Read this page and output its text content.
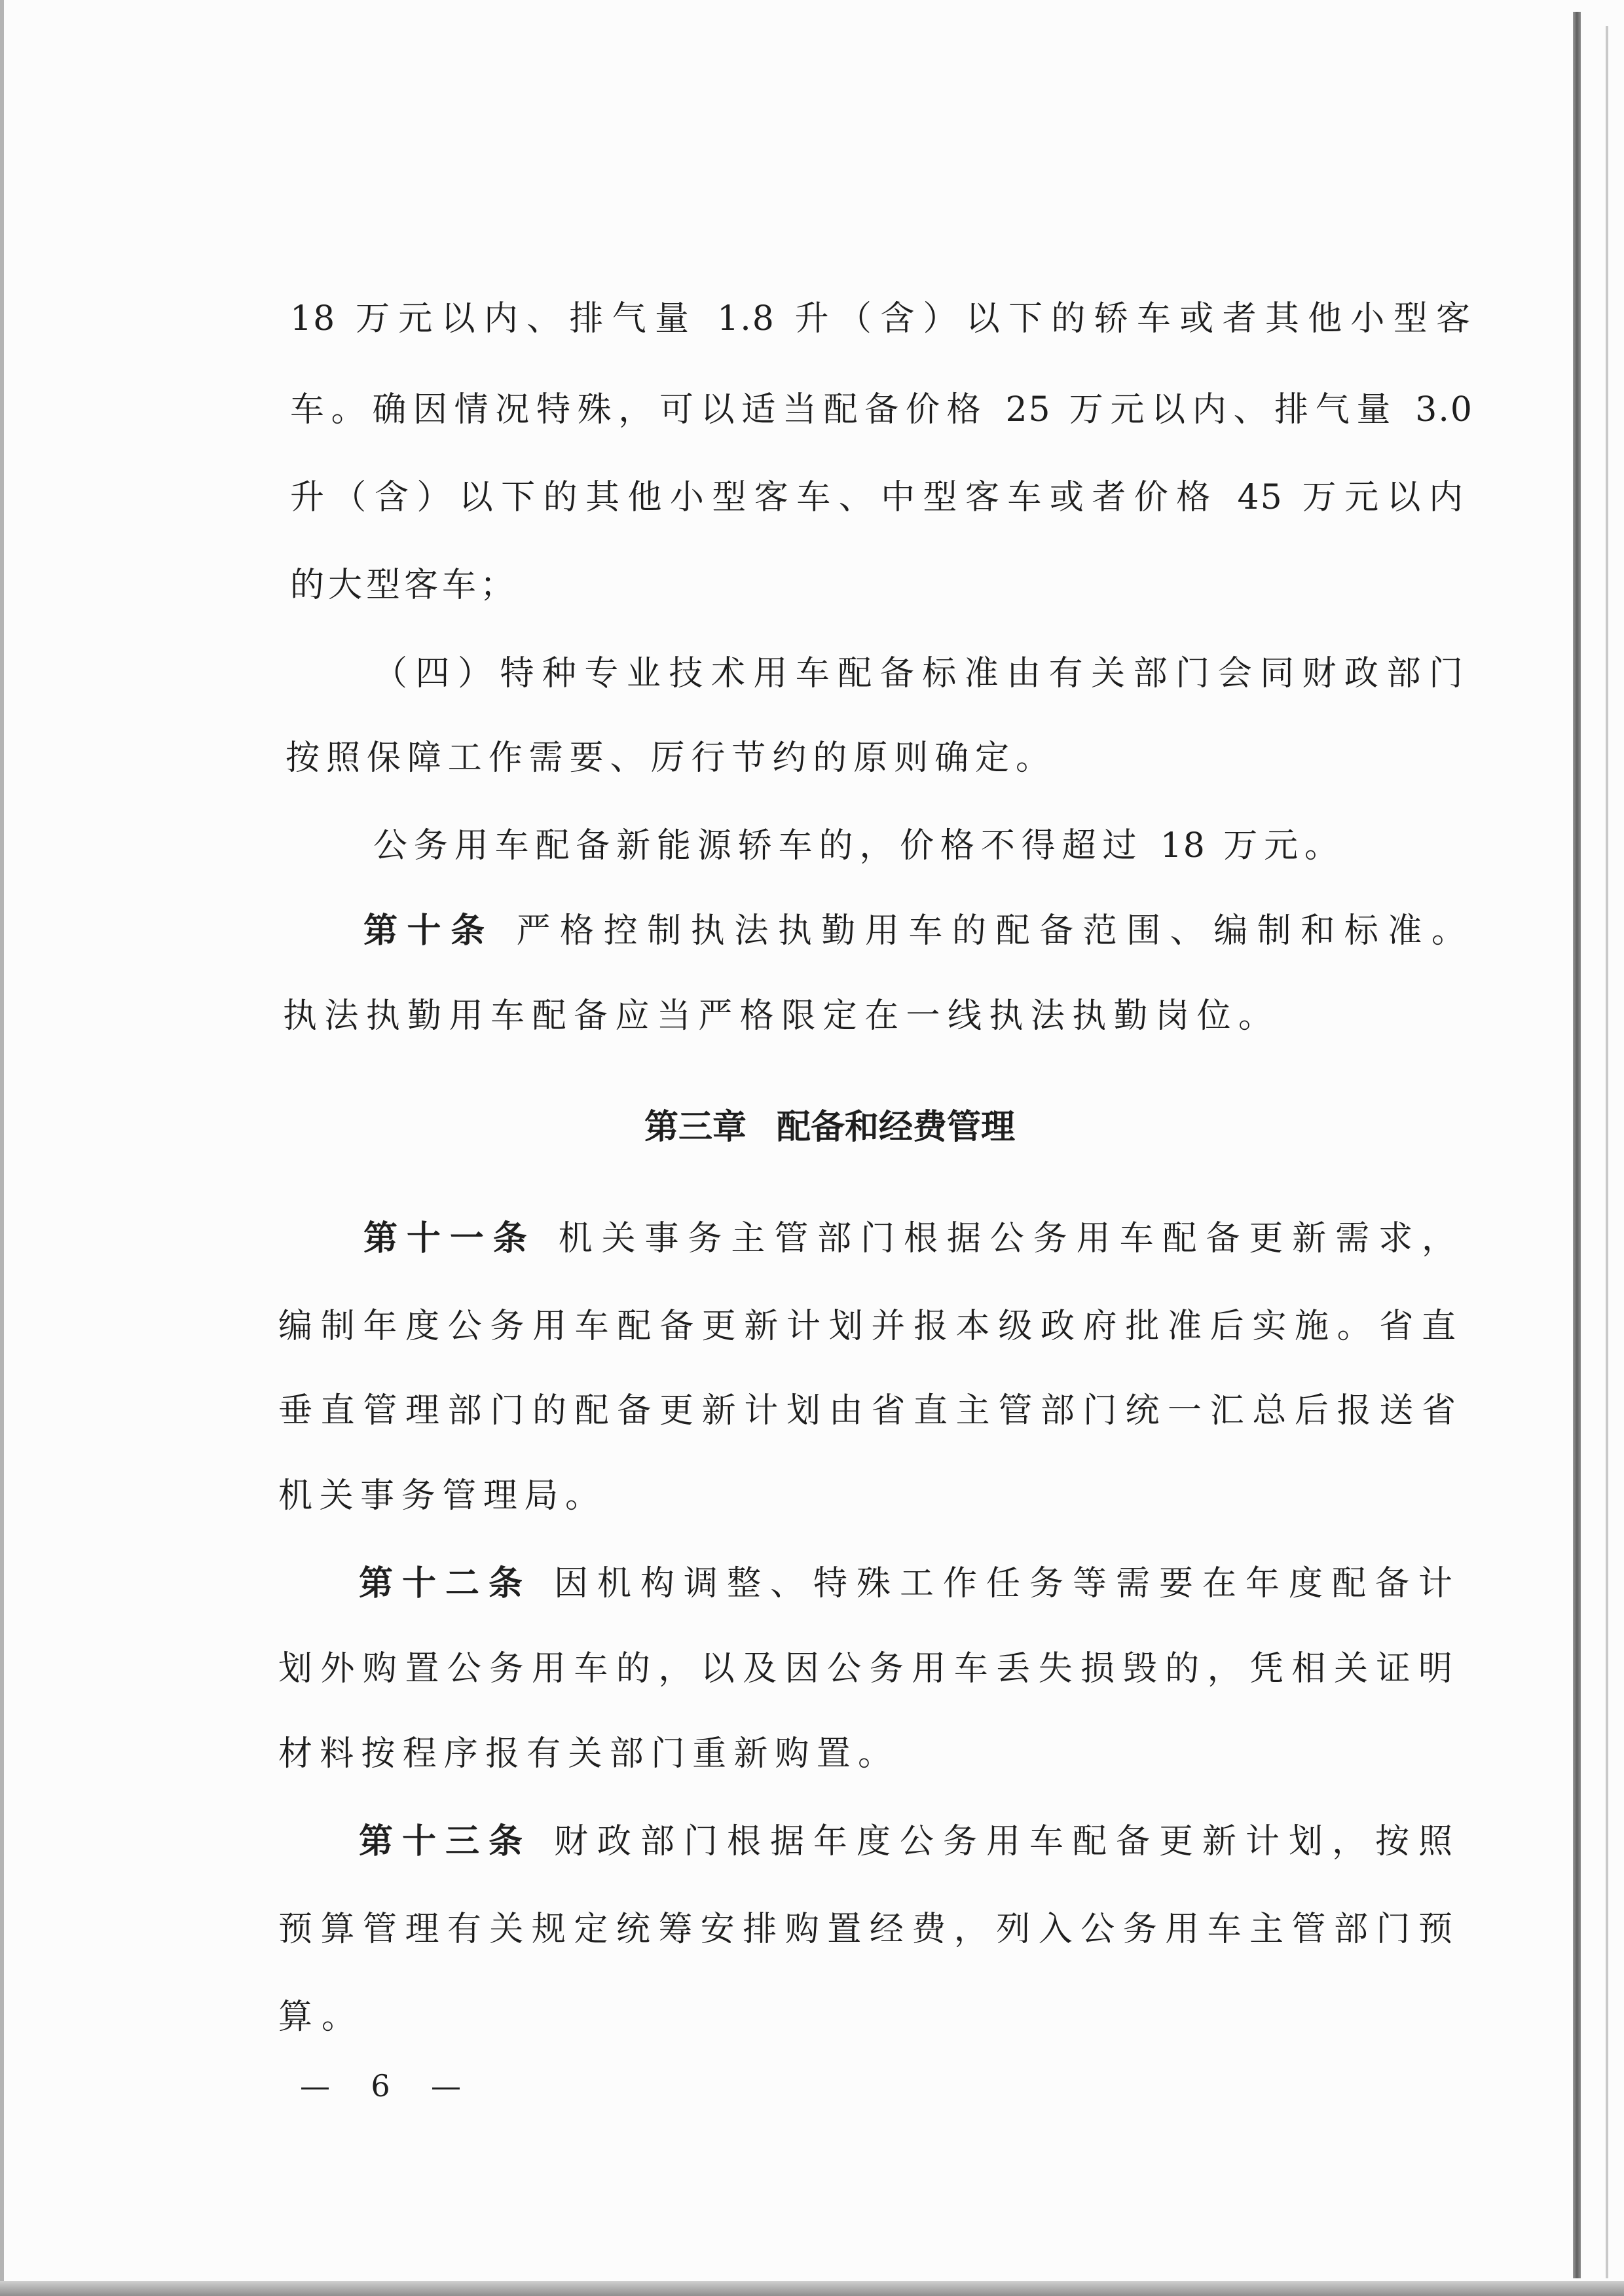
18 万元以内、排气量 1.8 升（含）以下的轿车或者其他小型客
车。确因情况特殊，可以适当配备价格 25 万元以内、排气量 3.0
升（含）以下的其他小型客车、中型客车或者价格 45 万元以内
的大型客车；
（四）特种专业技术用车配备标准由有关部门会同财政部门
按照保障工作需要、厉行节约的原则确定。
公务用车配备新能源轿车的，价格不得超过 18 万元。
第十条 严格控制执法执勤用车的配备范围、编制和标准。
执法执勤用车配备应当严格限定在一线执法执勤岗位。
第三章 配备和经费管理
第十一条 机关事务主管部门根据公务用车配备更新需求，
编制年度公务用车配备更新计划并报本级政府批准后实施。省直
垂直管理部门的配备更新计划由省直主管部门统一汇总后报送省
机关事务管理局。
第十二条 因机构调整、特殊工作任务等需要在年度配备计
划外购置公务用车的，以及因公务用车丢失损毁的，凭相关证明
材料按程序报有关部门重新购置。
第十三条 财政部门根据年度公务用车配备更新计划，按照
预算管理有关规定统筹安排购置经费，列入公务用车主管部门预
算。
— 6 —
